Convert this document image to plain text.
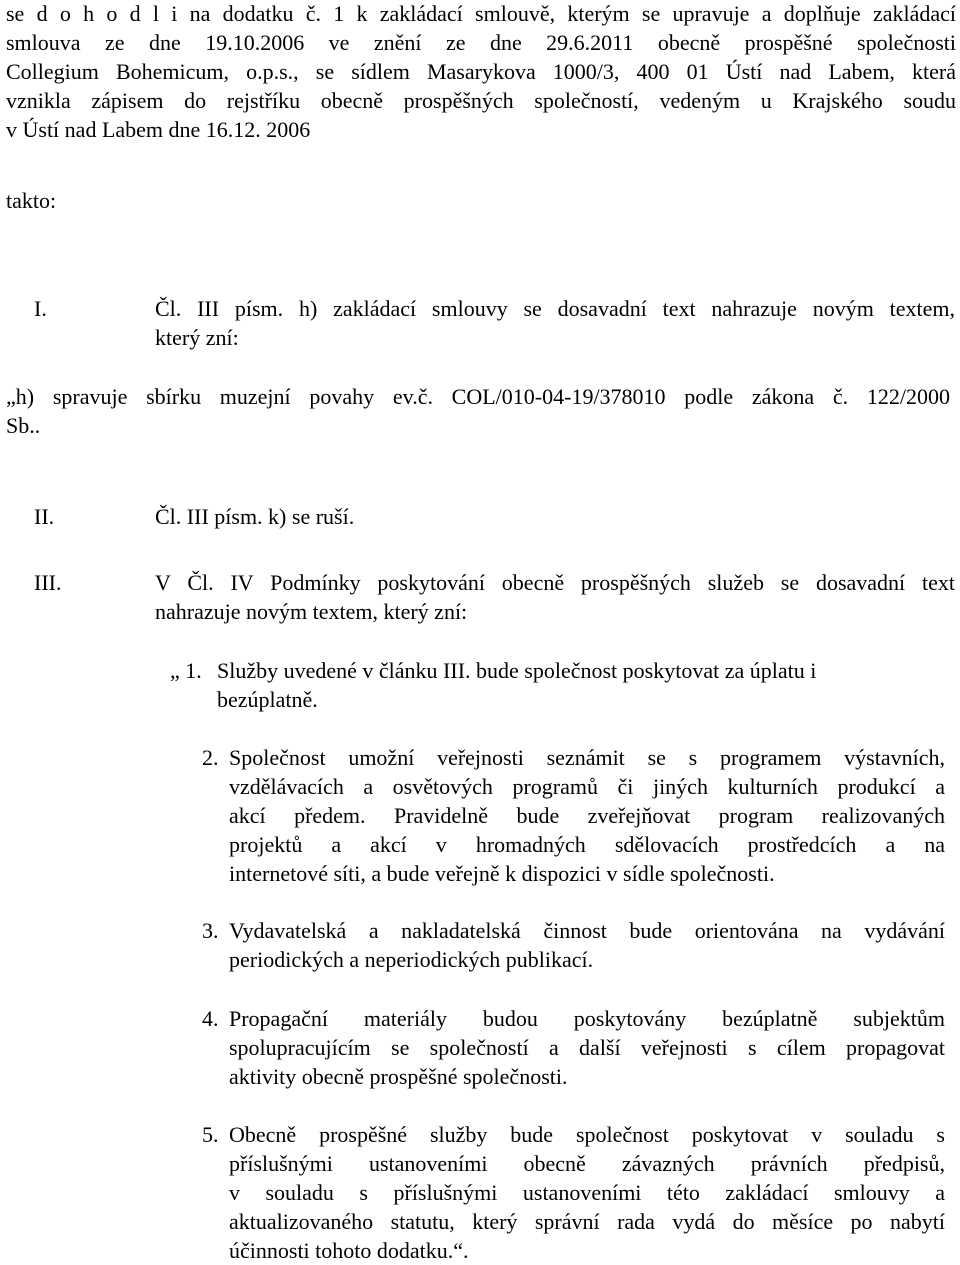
se d o h o d l i na dodatku č. 1 k zakládací smlouvě, kterým se upravuje a doplňuje zakládací
smlouva ze dne 19.10.2006 ve znění ze dne 29.6.2011 obecně prospěšné společnosti
Collegium Bohemicum, o.p.s., se sídlem Masarykova 1000/3, 400 01 Ústí nad Labem, která
vznikla zápisem do rejstříku obecně prospěšných společností, vedeným u Krajského soudu
v Ústí nad Labem dne 16.12. 2006
takto:
I.	Čl. III písm. h) zakládací smlouvy se dosavadní text nahrazuje novým textem,
který zní:
„h) spravuje sbírku muzejní povahy ev.č. COL/010-04-19/378010 podle zákona č. 122/2000
Sb..
II.	Čl. III písm. k) se ruší.
III.	V Čl. IV Podmínky poskytování obecně prospěšných služeb se dosavadní text
nahrazuje novým textem, který zní:
„ 1. Služby uvedené v článku III. bude společnost poskytovat za úplatu i
bezúplatně.
2. Společnost umožní veřejnosti seznámit se s programem výstavních,
vzdělávacích a osvětových programů či jiných kulturních produkcí a
akcí předem. Pravidelně bude zveřejňovat program realizovaných
projektů a akcí v hromadných sdělovacích prostředcích a na
internetové síti, a bude veřejně k dispozici v sídle společnosti.
3. Vydavatelská a nakladatelská činnost bude orientována na vydávání
periodických a neperiodických publikací.
4. Propagační materiály budou poskytovány bezúplatně subjektům
spolupracujícím se společností a další veřejnosti s cílem propagovat
aktivity obecně prospěšné společnosti.
5. Obecně prospěšné služby bude společnost poskytovat v souladu s
příslušnými ustanoveními obecně závazných právních předpisů,
v souladu s příslušnými ustanoveními této zakládací smlouvy a
aktualizovaného statutu, který správní rada vydá do měsíce po nabytí
účinnosti tohoto dodatku.“.
